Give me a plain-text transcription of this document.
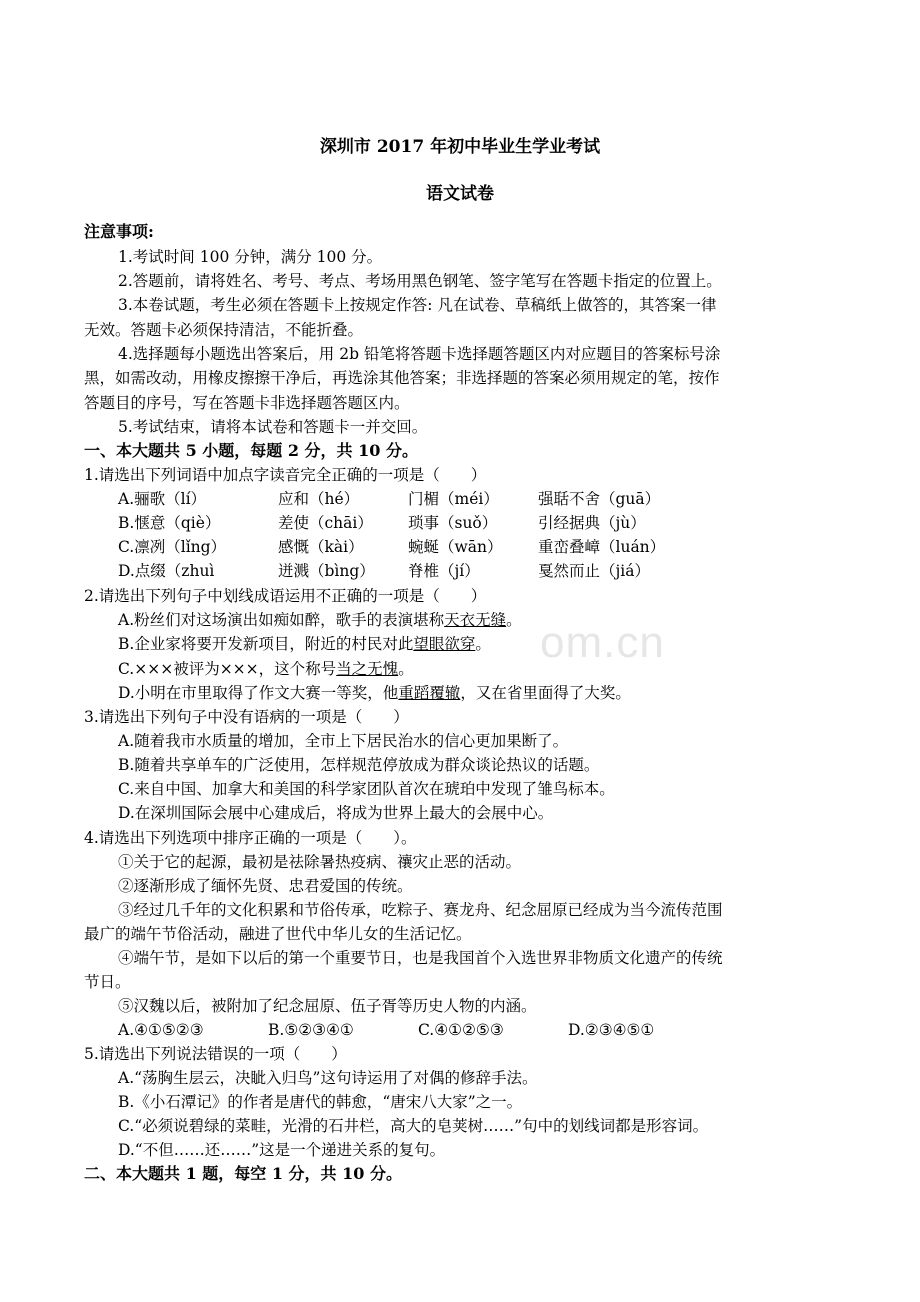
om.cn
深圳市 2017 年初中毕业生学业考试
语文试卷
注意事项:
1.考试时间 100 分钟，满分 100 分。
2.答题前，请将姓名、考号、考点、考场用黑色钢笔、签字笔写在答题卡指定的位置上。
3.本卷试题，考生必须在答题卡上按规定作答: 凡在试卷、草稿纸上做答的，其答案一律
无效。答题卡必须保持清洁，不能折叠。
4.选择题每小题选出答案后，用 2b 铅笔将答题卡选择题答题区内对应题目的答案标号涂
黑，如需改动，用橡皮擦擦干净后，再选涂其他答案；非选择题的答案必须用规定的笔，按作
答题目的序号，写在答题卡非选择题答题区内。
5.考试结束，请将本试卷和答题卡一并交回。
一、本大题共 5 小题，每题 2 分，共 10 分。
1.请选出下列词语中加点字读音完全正确的一项是（　　）
A.骊歌（lí）	应和（hé）	门楣（méi）	强聒不舍（guā）
B.惬意（qiè）	差使（chāi） 琐事（suǒ）	引经据典（jù）
C.凛冽（lǐng）	感慨（kài）	蜿蜒（wān） 重峦叠嶂（luán）
D.点缀（zhuì	迸溅（bìng） 脊椎（jí）	戛然而止（jiá）
2.请选出下列句子中划线成语运用不正确的一项是（　　）
A.粉丝们对这场演出如痴如醉，歌手的表演堪称天衣无缝。
B.企业家将要开发新项目，附近的村民对此望眼欲穿。
C.×××被评为×××，这个称号当之无愧。
D.小明在市里取得了作文大赛一等奖，他重蹈覆辙，又在省里面得了大奖。
3.请选出下列句子中没有语病的一项是（　　）
A.随着我市水质量的增加，全市上下居民治水的信心更加果断了。
B.随着共享单车的广泛使用，怎样规范停放成为群众谈论热议的话题。
C.来自中国、加拿大和美国的科学家团队首次在琥珀中发现了雏鸟标本。
D.在深圳国际会展中心建成后，将成为世界上最大的会展中心。
4.请选出下列选项中排序正确的一项是（　　）。
①关于它的起源，最初是祛除暑热疫病、禳灾止恶的活动。
②逐渐形成了缅怀先贤、忠君爱国的传统。
③经过几千年的文化积累和节俗传承，吃粽子、赛龙舟、纪念屈原已经成为当今流传范围
最广的端午节俗活动，融进了世代中华儿女的生活记忆。
④端午节，是如下以后的第一个重要节日，也是我国首个入选世界非物质文化遗产的传统
节日。
⑤汉魏以后，被附加了纪念屈原、伍子胥等历史人物的内涵。
A.④①⑤②③	B.⑤②③④①	C.④①②⑤③	D.②③④⑤①
5.请选出下列说法错误的一项（　　）
A.“荡胸生层云，决眦入归鸟”这句诗运用了对偶的修辞手法。
B.《小石潭记》的作者是唐代的韩愈，“唐宋八大家”之一。
C.“必须说碧绿的菜畦，光滑的石井栏，高大的皂荚树……”句中的划线词都是形容词。
D.“不但……还……”这是一个递进关系的复句。
二、本大题共 1 题，每空 1 分，共 10 分。
